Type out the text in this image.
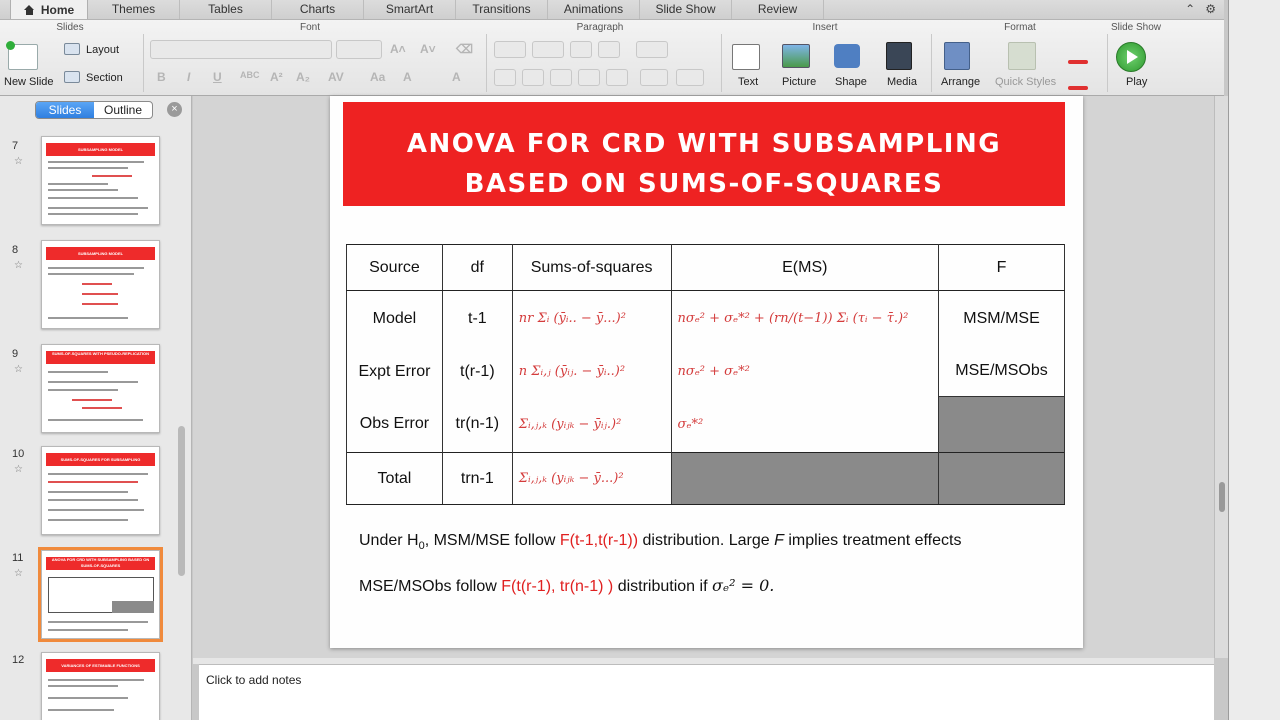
Home	Themes	Tables	Charts	SmartArt	Transitions	Animations	Slide Show	Review	⌃ ⚙
Slides
New Slide
Layout
Section
Font
A˄ A˅ ⌫
B I U ABC A² A₂ AV Aa A	A
Paragraph	Insert
Text Picture Shape Media
Format
Arrange Quick Styles
Slide Show
Play
Slides	Outline	×
7
☆
SUBSAMPLING MODEL
8
☆
SUBSAMPLING MODEL
9
☆
SUMS-OF-SQUARES WITH PSEUDO-REPLICATION
10
☆
SUMS-OF-SQUARES FOR SUBSAMPLING
11
☆
ANOVA FOR CRD WITH SUBSAMPLING BASED ON SUMS-OF-SQUARES
12	VARIANCES OF ESTIMABLE FUNCTIONS
ANOVA FOR CRD WITH SUBSAMPLING
BASED ON SUMS-OF-SQUARES
Source	df	Sums-of-squares	E(MS)	F
Model	t-1	nr Σᵢ (ȳᵢ.. − ȳ...)²	nσₑ² + σₑ*² + (rn/(t−1)) Σᵢ (τᵢ − τ̄.)²	MSM/MSE
Expt Error	t(r-1)	n Σᵢ,ⱼ (ȳᵢⱼ. − ȳᵢ..)²	nσₑ² + σₑ*²	MSE/MSObs
Obs Error	tr(n-1)	Σᵢ,ⱼ,ₖ (yᵢⱼₖ − ȳᵢⱼ.)²	σₑ*²	
Total	trn-1	Σᵢ,ⱼ,ₖ (yᵢⱼₖ − ȳ...)²		
Under $H_0$, MSM/MSE follow F(t-1,t(r-1)) distribution. Large F implies treatment effects
MSE/MSObs follow F(t(r-1), tr(n-1) ) distribution if σₑ² = 0.
Click to add notes
